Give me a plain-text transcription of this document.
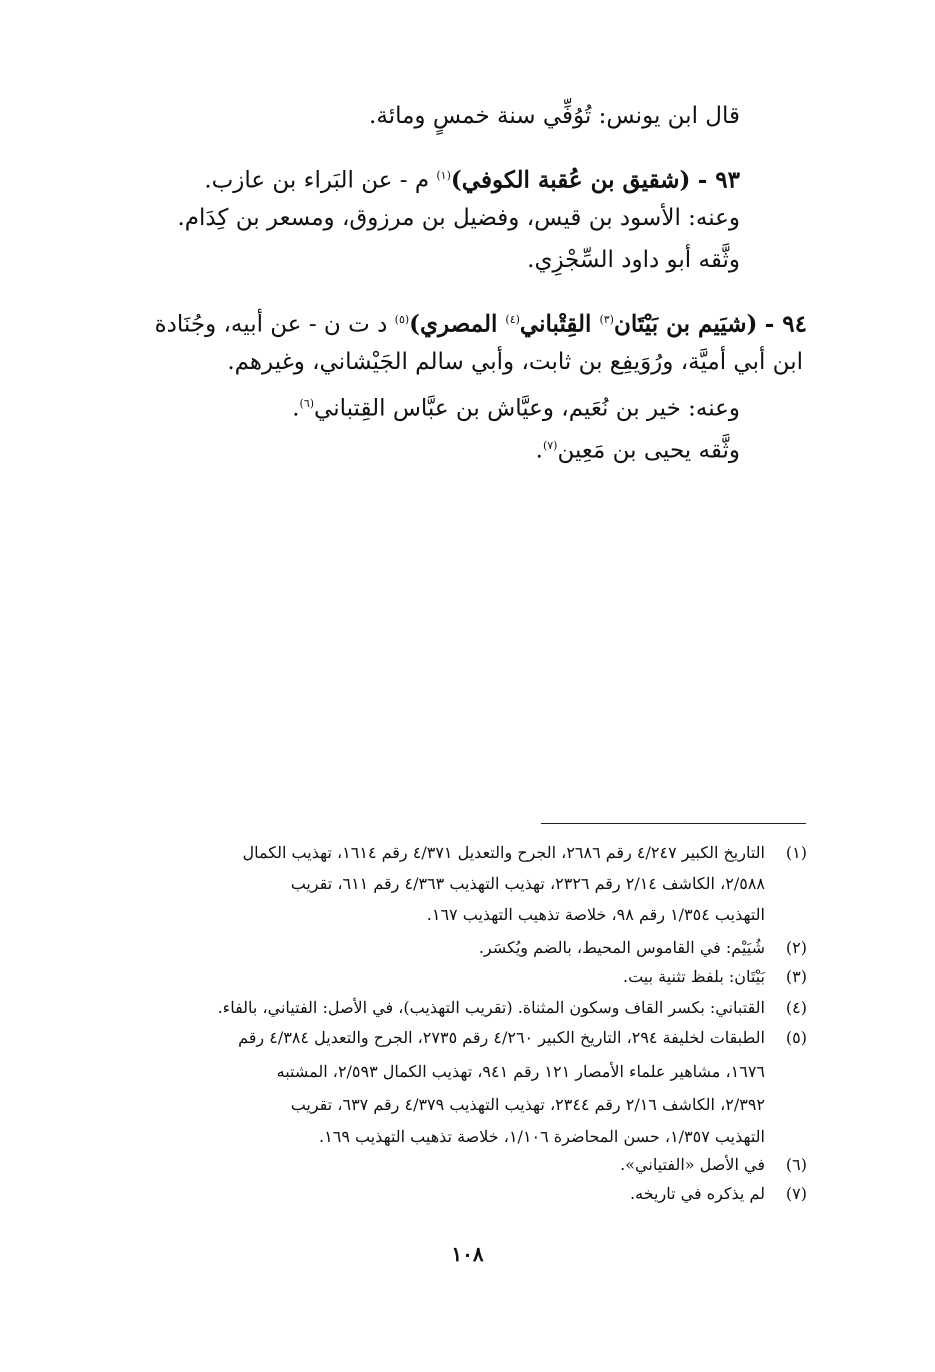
قال ابن يونس: تُوُفِّي سنة خمسٍ ومائة.
٩٣ - (شقيق بن عُقبة الكوفي)$^{(١)}$ م - عن البَراء بن عازب.
وعنه: الأسود بن قيس، وفضيل بن مرزوق، ومسعر بن كِدَام.
وثَّقه أبو داود السِّجْزِي.
٩٤ - (شيَيم بن بَيْتَان$^{(٣)}$ القِتْباني$^{(٤)}$ المصري)$^{(٥)}$ د ت ن - عن أبيه، وجُنَادة
ابن أبي أميَّة، ورُوَيفِع بن ثابت، وأبي سالم الجَيْشاني، وغيرهم.
وعنه: خير بن نُعَيم، وعيَّاش بن عبَّاس القِتباني$^{(٦)}$.
وثَّقه يحيى بن مَعِين$^{(٧)}$.
(١)
التاريخ الكبير ٤/٢٤٧ رقم ٢٦٨٦، الجرح والتعديل ٤/٣٧١ رقم ١٦١٤، تهذيب الكمال
٢/٥٨٨، الكاشف ٢/١٤ رقم ٢٣٢٦، تهذيب التهذيب ٤/٣٦٣ رقم ٦١١، تقريب
التهذيب ١/٣٥٤ رقم ٩٨، خلاصة تذهيب التهذيب ١٦٧.
(٢)
شُيَيْم: في القاموس المحيط، بالضم ويُكسَر.
(٣)
بَيْتَان: بلفظ تثنية بيت.
(٤)
القتباني: بكسر القاف وسكون المثناة. (تقريب التهذيب)، في الأصل: الفتياني، بالفاء.
(٥)
الطبقات لخليفة ٢٩٤، التاريخ الكبير ٤/٢٦٠ رقم ٢٧٣٥، الجرح والتعديل ٤/٣٨٤ رقم
١٦٧٦، مشاهير علماء الأمصار ١٢١ رقم ٩٤١، تهذيب الكمال ٢/٥٩٣، المشتبه
٢/٣٩٢، الكاشف ٢/١٦ رقم ٢٣٤٤، تهذيب التهذيب ٤/٣٧٩ رقم ٦٣٧، تقريب
التهذيب ١/٣٥٧، حسن المحاضرة ١/١٠٦، خلاصة تذهيب التهذيب ١٦٩.
(٦)
في الأصل «الفتياني».
(٧)
لم يذكره في تاريخه.
١٠٨
